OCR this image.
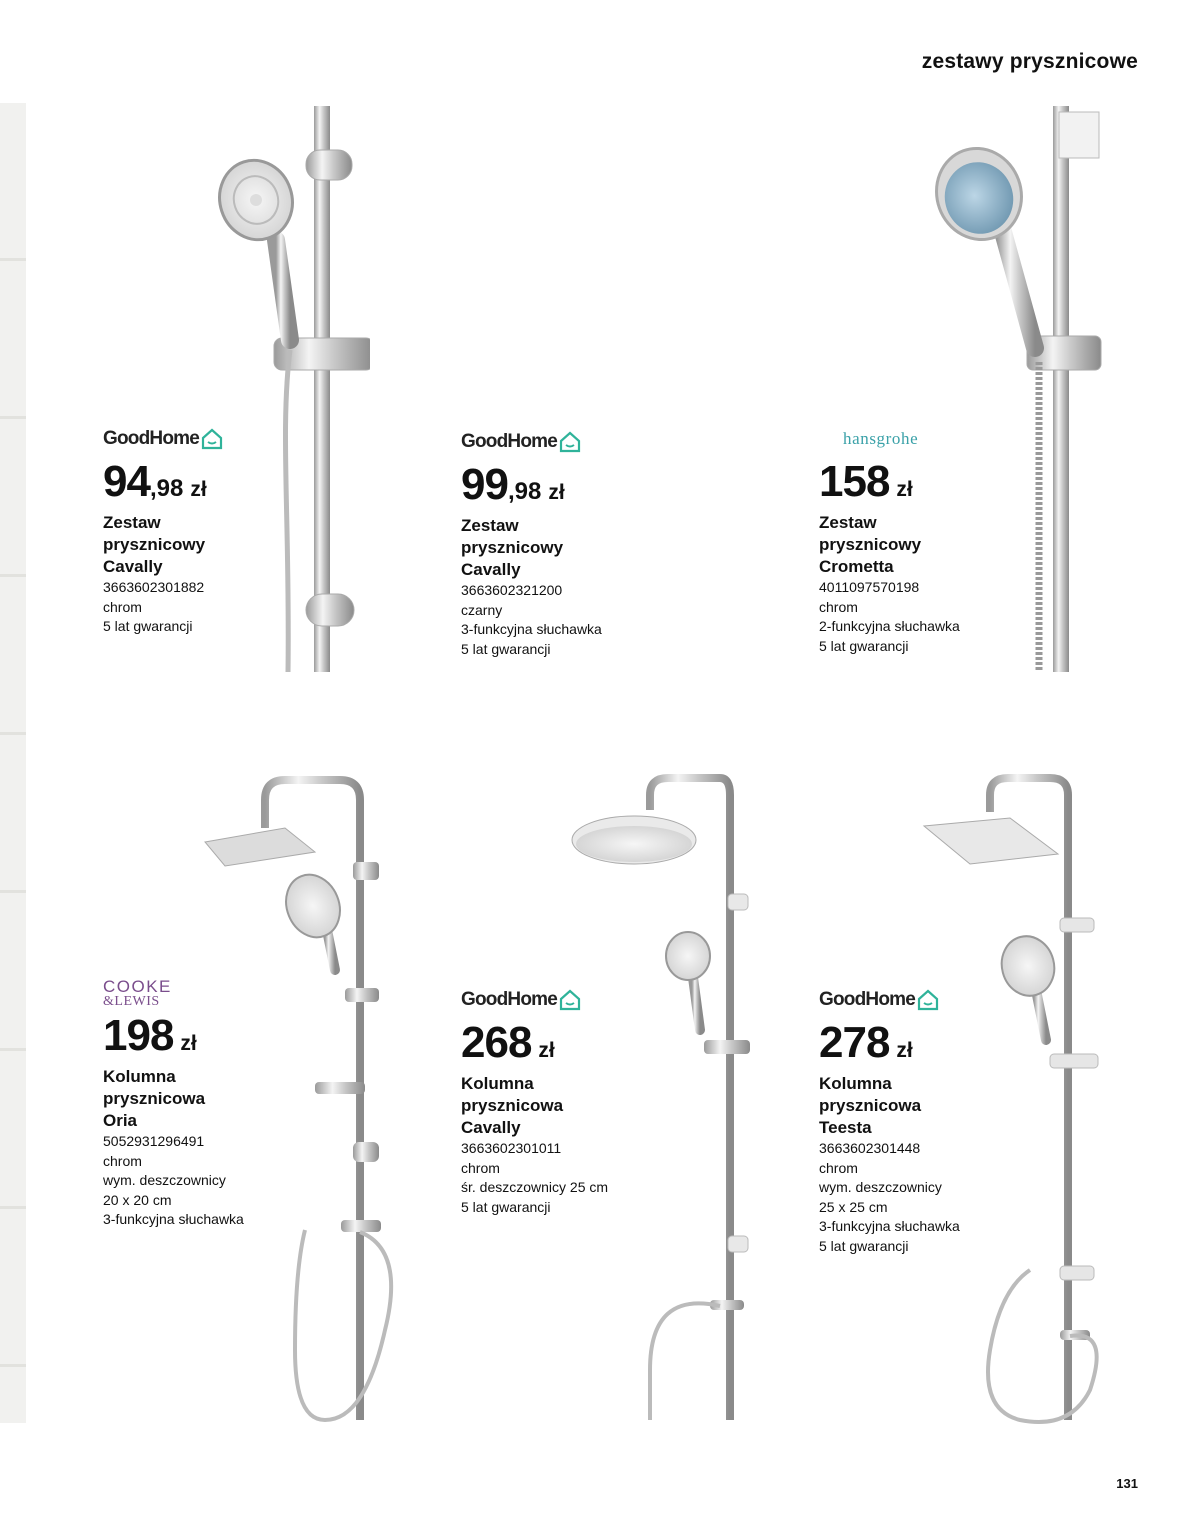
zestawy prysznicowe
GoodHome
94 ,98 zł
Zestaw
prysznicowy
Cavally
3663602301882
chrom
5 lat gwarancji
GoodHome
99 ,98 zł
Zestaw
prysznicowy
Cavally
3663602321200
czarny
3-funkcyjna słuchawka
5 lat gwarancji
hansgrohe
158 zł
Zestaw
prysznicowy
Crometta
4011097570198
chrom
2-funkcyjna słuchawka
5 lat gwarancji
COOKE
&LEWIS
198 zł
Kolumna
prysznicowa
Oria
5052931296491
chrom
wym. deszczownicy
20 x 20 cm
3-funkcyjna słuchawka
GoodHome
268 zł
Kolumna
prysznicowa
Cavally
3663602301011
chrom
śr. deszczownicy 25 cm
5 lat gwarancji
GoodHome
278 zł
Kolumna
prysznicowa
Teesta
3663602301448
chrom
wym. deszczownicy
25 x 25 cm
3-funkcyjna słuchawka
5 lat gwarancji
131
